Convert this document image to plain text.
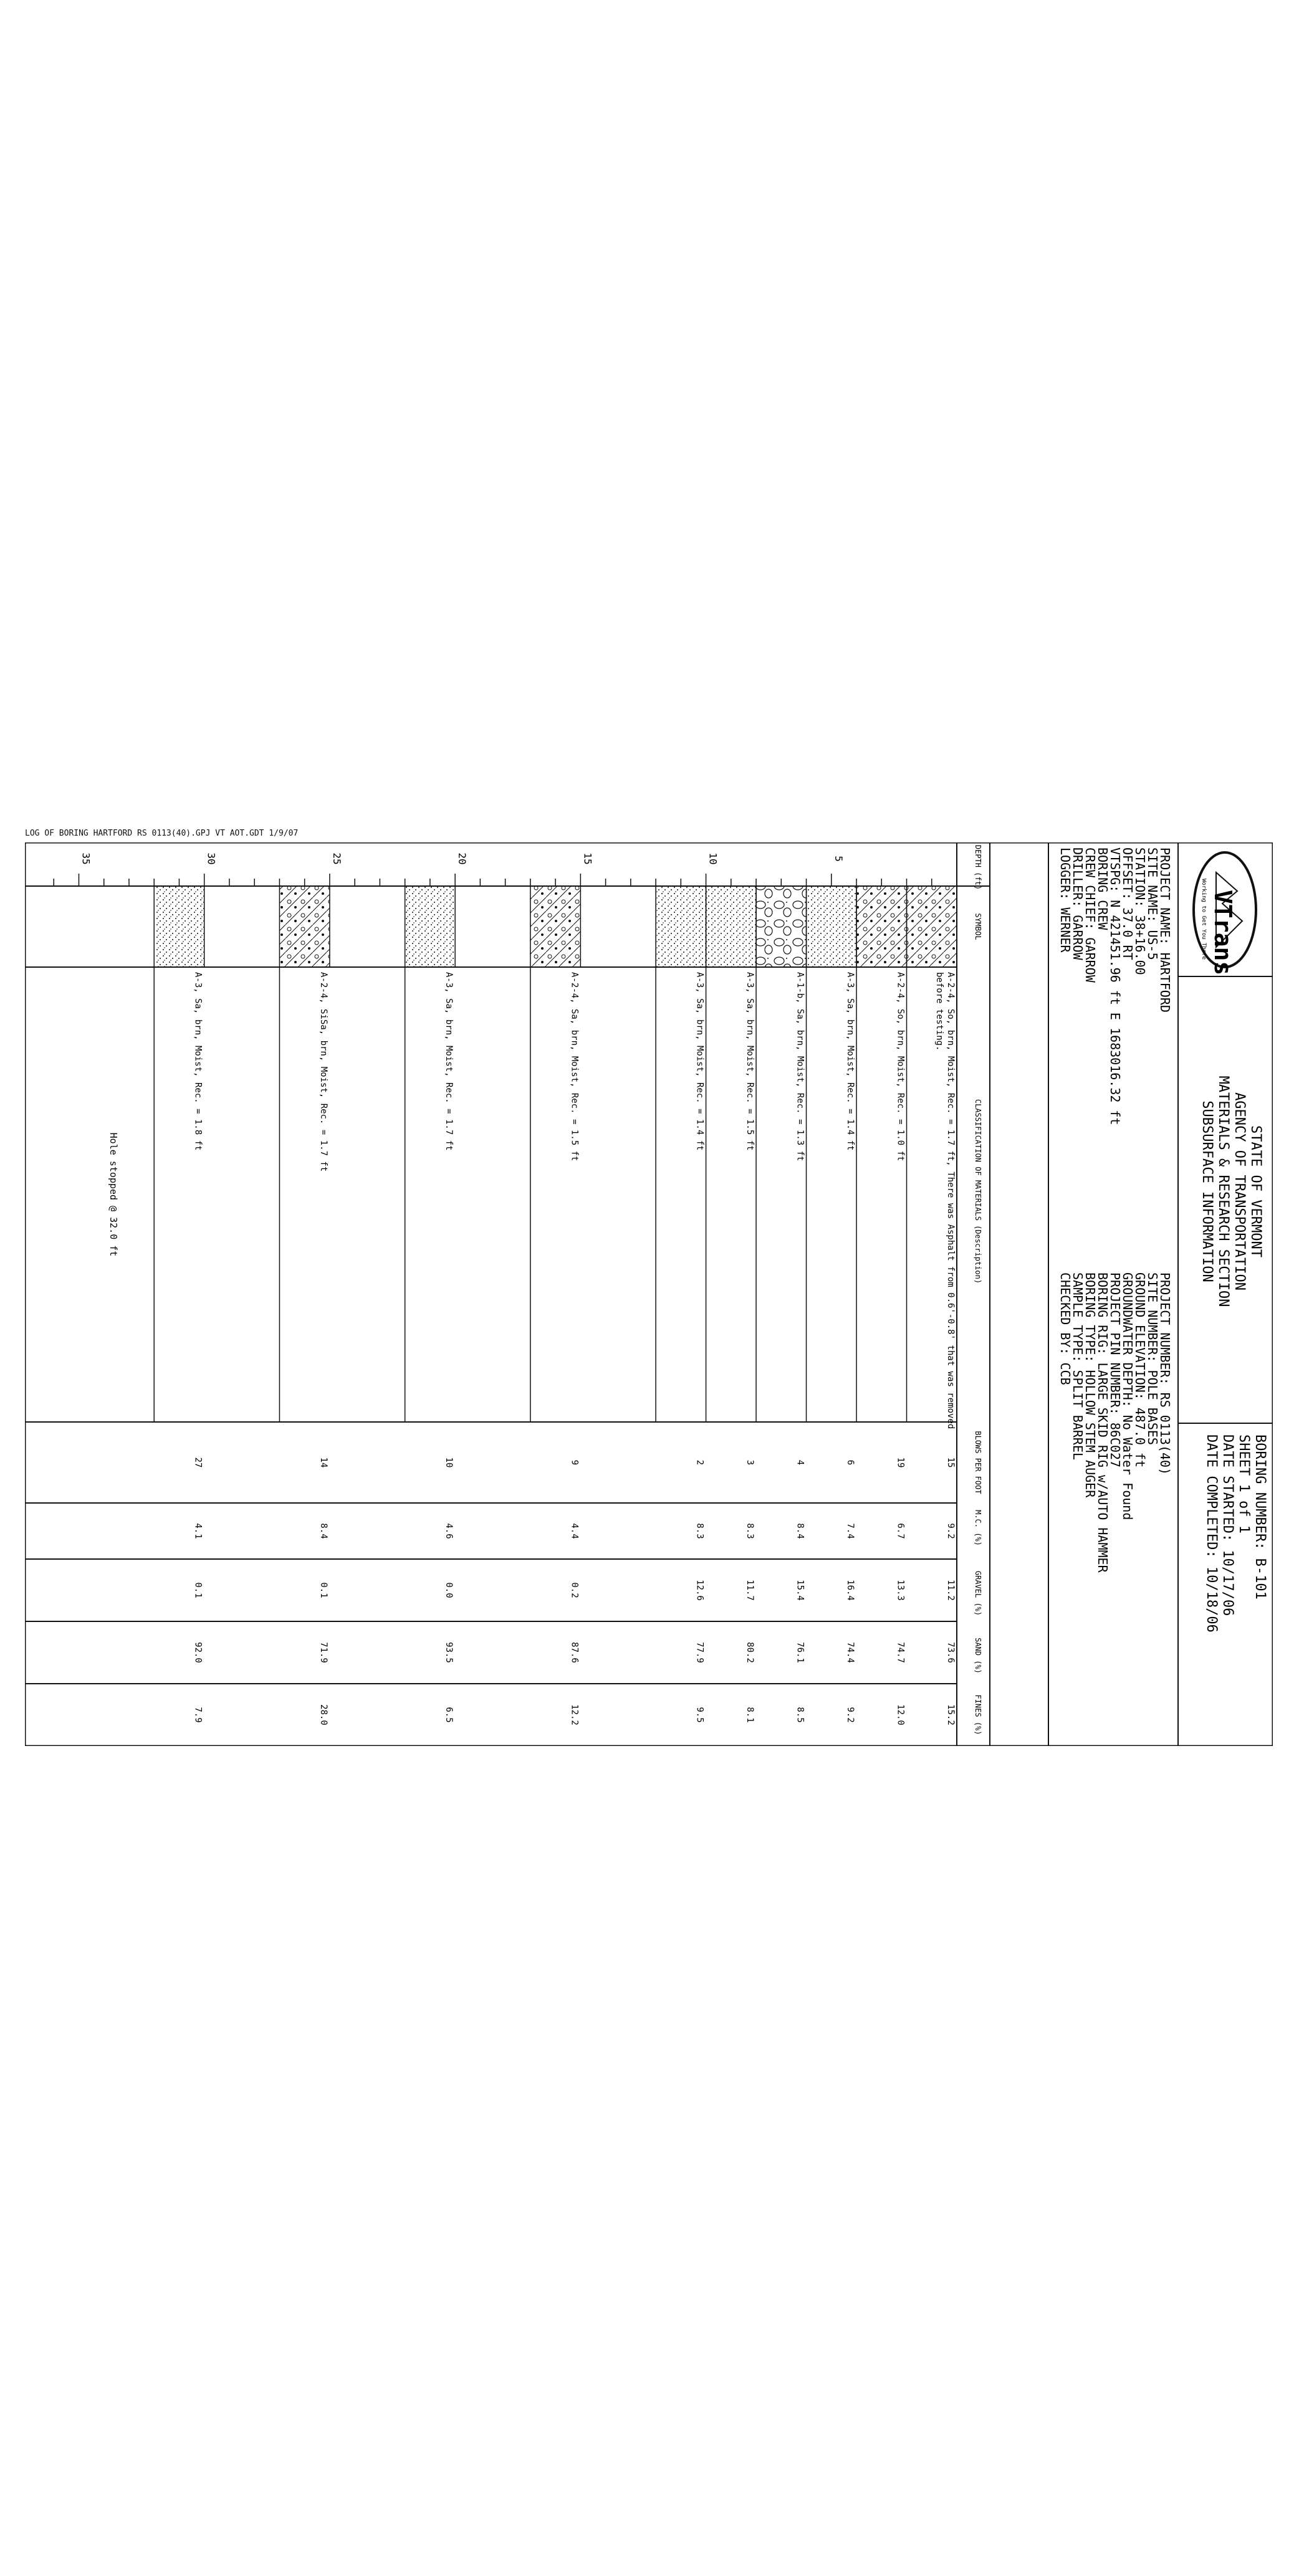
LOG OF BORING HARTFORD RS 0113(40).GPJ VT AOT.GDT 1/9/07
VTrans
Working to Get You There
STATE OF VERMONT
AGENCY OF TRANSPORTATION
MATERIALS & RESEARCH SECTION
SUBSURFACE INFORMATION
BORING NUMBER: B-101
SHEET 1 of 1
DATE STARTED: 10/17/06
DATE COMPLETED: 10/18/06
PROJECT NAME: HARTFORD
SITE NAME: US-5
STATION: 38+16.00
OFFSET: 37.0 RT
VTSPG: N 421451.96 ft E 1683016.32 ft
BORING CREW
CREW CHIEF: GARROW
DRILLER: GARROW
LOGGER: WERNER
PROJECT NUMBER: RS 0113(40)
SITE NUMBER: POLE BASES
GROUND ELEVATION: 487.0 ft
GROUNDWATER DEPTH: No Water Found
PROJECT PIN NUMBER: 86C027
BORING RIG: LARGE SKID RIG w/AUTO HAMMER
BORING TYPE: HOLLOW STEM AUGER
SAMPLE TYPE: SPLIT BARREL
CHECKED BY: CCB
DEPTH (ft)
SYMBOL
CLASSIFICATION OF MATERIALS (Description)
BLOWS PER FOOT
M.C. (%)
GRAVEL (%)
SAND (%)
FINES (%)
5
10
15
20
25
30
35
A-2-4, So, brn, Moist, Rec. = 1.7 ft, There was Asphalt from 0.6'-0.8' that was removed
before testing.
15
9.2
11.2
73.6
15.2
A-2-4, So, brn, Moist, Rec. = 1.0 ft
19
6.7
13.3
74.7
12.0
A-3, Sa, brn, Moist, Rec. = 1.4 ft
6
7.4
16.4
74.4
9.2
A-1-b, Sa, brn, Moist, Rec. = 1.3 ft
4
8.4
15.4
76.1
8.5
A-3, Sa, brn, Moist, Rec. = 1.5 ft
3
8.3
11.7
80.2
8.1
A-3, Sa, brn, Moist, Rec. = 1.4 ft
2
8.3
12.6
77.9
9.5
A-2-4, Sa, brn, Moist, Rec. = 1.5 ft
9
4.4
0.2
87.6
12.2
A-3, Sa, brn, Moist, Rec. = 1.7 ft
10
4.6
0.0
93.5
6.5
A-2-4, SiSa, brn, Moist, Rec. = 1.7 ft
14
8.4
0.1
71.9
28.0
A-3, Sa, brn, Moist, Rec. = 1.8 ft
27
4.1
0.1
92.0
7.9
Hole stopped @ 32.0 ft
